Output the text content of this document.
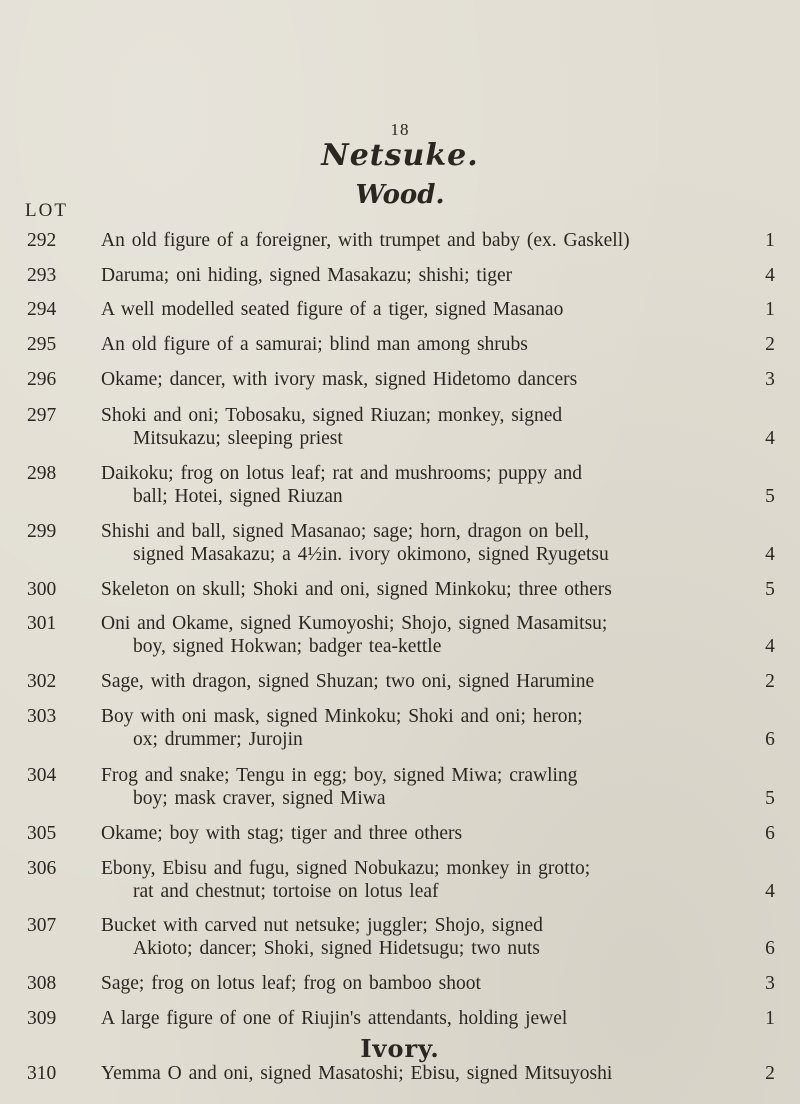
18
Netsuke.
Wood.
LOT
292	An old figure of a foreigner, with trumpet and baby (ex. Gaskell)	1
293	Daruma; oni hiding, signed Masakazu; shishi; tiger	4
294	A well modelled seated figure of a tiger, signed Masanao	1
295	An old figure of a samurai; blind man among shrubs	2
296	Okame; dancer, with ivory mask, signed Hidetomo dancers	3
297	Shoki and oni; Tobosaku, signed Riuzan; monkey, signed
Mitsukazu; sleeping priest	4
298	Daikoku; frog on lotus leaf; rat and mushrooms; puppy and
ball; Hotei, signed Riuzan	5
299	Shishi and ball, signed Masanao; sage; horn, dragon on bell,
signed Masakazu; a 4½in. ivory okimono, signed Ryugetsu	4
300	Skeleton on skull; Shoki and oni, signed Minkoku; three others	5
301	Oni and Okame, signed Kumoyoshi; Shojo, signed Masamitsu;
boy, signed Hokwan; badger tea-kettle	4
302	Sage, with dragon, signed Shuzan; two oni, signed Harumine	2
303	Boy with oni mask, signed Minkoku; Shoki and oni; heron;
ox; drummer; Jurojin	6
304	Frog and snake; Tengu in egg; boy, signed Miwa; crawling
boy; mask craver, signed Miwa	5
305	Okame; boy with stag; tiger and three others	6
306	Ebony, Ebisu and fugu, signed Nobukazu; monkey in grotto;
rat and chestnut; tortoise on lotus leaf	4
307	Bucket with carved nut netsuke; juggler; Shojo, signed
Akioto; dancer; Shoki, signed Hidetsugu; two nuts	6
308	Sage; frog on lotus leaf; frog on bamboo shoot	3
309	A large figure of one of Riujin's attendants, holding jewel	1
Ivory.
310	Yemma O and oni, signed Masatoshi; Ebisu, signed Mitsuyoshi	2
